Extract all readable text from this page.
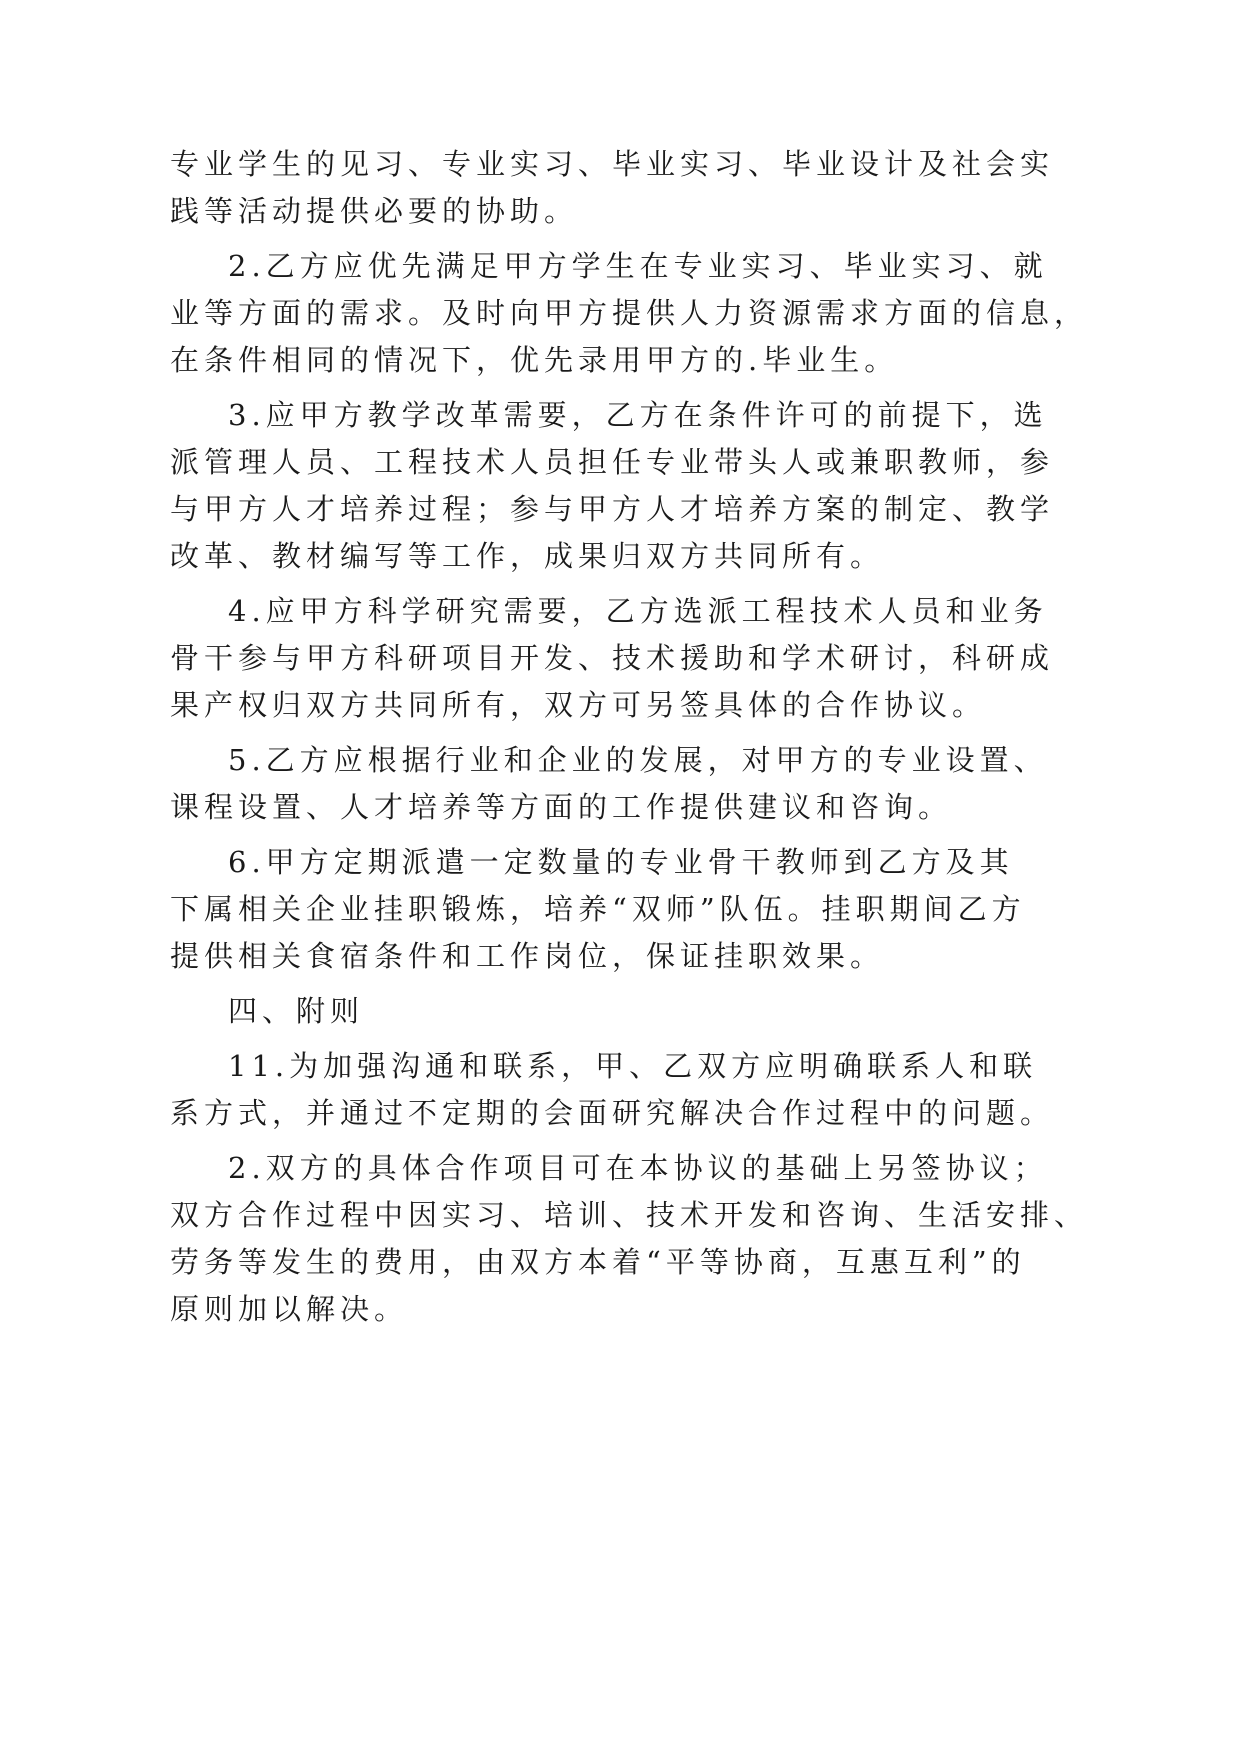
专业学生的见习、专业实习、毕业实习、毕业设计及社会实
践等活动提供必要的协助。

2.乙方应优先满足甲方学生在专业实习、毕业实习、就
业等方面的需求。及时向甲方提供人力资源需求方面的信息，
在条件相同的情况下，优先录用甲方的.毕业生。

3.应甲方教学改革需要，乙方在条件许可的前提下，选
派管理人员、工程技术人员担任专业带头人或兼职教师，参
与甲方人才培养过程；参与甲方人才培养方案的制定、教学
改革、教材编写等工作，成果归双方共同所有。

4.应甲方科学研究需要，乙方选派工程技术人员和业务
骨干参与甲方科研项目开发、技术援助和学术研讨，科研成
果产权归双方共同所有，双方可另签具体的合作协议。

5.乙方应根据行业和企业的发展，对甲方的专业设置、
课程设置、人才培养等方面的工作提供建议和咨询。

6.甲方定期派遣一定数量的专业骨干教师到乙方及其
下属相关企业挂职锻炼，培养“双师”队伍。挂职期间乙方
提供相关食宿条件和工作岗位，保证挂职效果。

四、附则

11.为加强沟通和联系，甲、乙双方应明确联系人和联
系方式，并通过不定期的会面研究解决合作过程中的问题。

2.双方的具体合作项目可在本协议的基础上另签协议；
双方合作过程中因实习、培训、技术开发和咨询、生活安排、
劳务等发生的费用，由双方本着“平等协商，互惠互利”的
原则加以解决。
